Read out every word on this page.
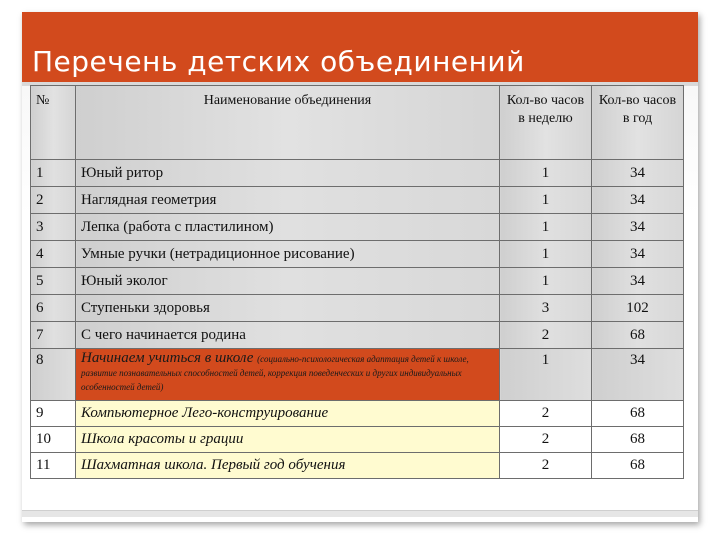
Перечень детских объединений
№	Наименование объединения	Кол-во часов в неделю	Кол-во часов в год
1	Юный ритор	1	34
2	Наглядная геометрия	1	34
3	Лепка (работа с пластилином)	1	34
4	Умные ручки (нетрадиционное рисование)	1	34
5	Юный эколог	1	34
6	Ступеньки здоровья	3	102
7	С чего начинается родина	2	68
8	Начинаем учиться в школе (социально-психологическая адаптация детей к школе, развитие познавательных способностей детей, коррекция поведенческих и других индивидуальных особенностей детей)	1	34
9	Компьютерное Лего-конструирование	2	68
10	Школа красоты и грации	2	68
11	Шахматная школа. Первый год обучения	2	68
